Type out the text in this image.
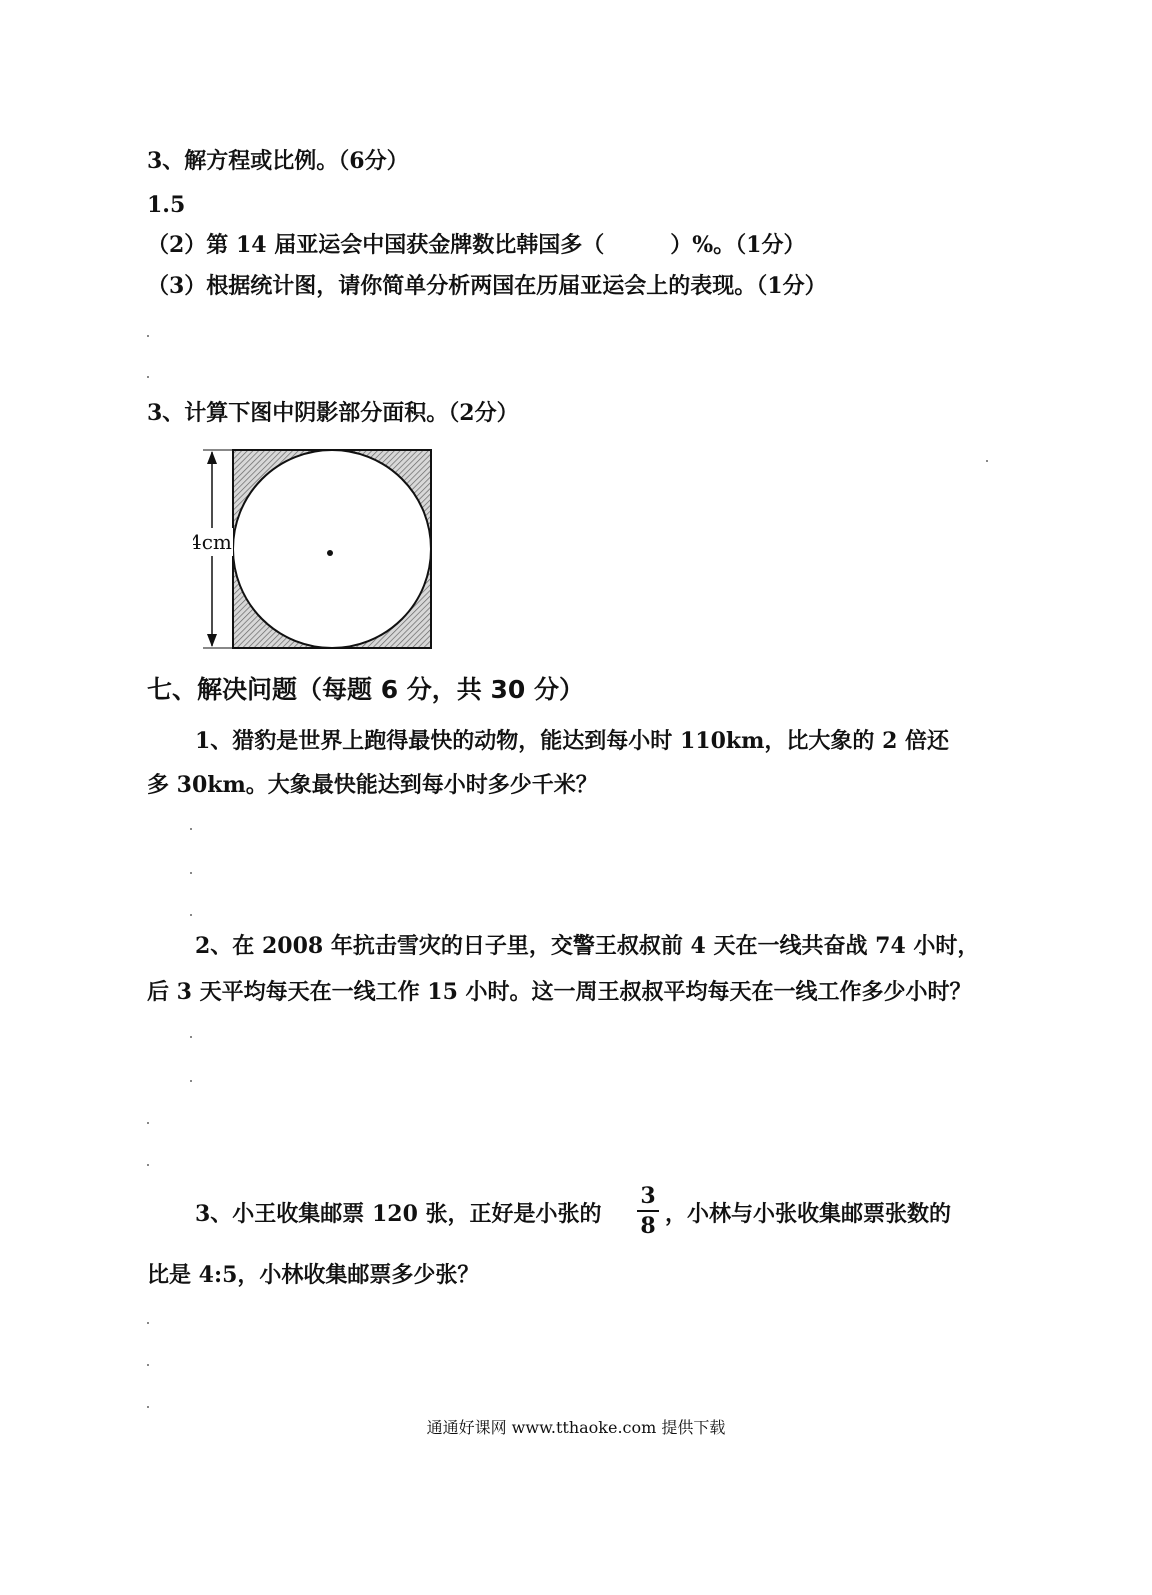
3、解方程或比例。（6分）
1.5
（2）第 14 届亚运会中国获金牌数比韩国多（　　　）%。（1分）
（3）根据统计图，请你简单分析两国在历届亚运会上的表现。（1分）
3、计算下图中阴影部分面积。（2分）
4cm
七、解决问题（每题 6 分，共 30 分）
1、猎豹是世界上跑得最快的动物，能达到每小时 110km，比大象的 2 倍还
多 30km。大象最快能达到每小时多少千米？
2、在 2008 年抗击雪灾的日子里，交警王叔叔前 4 天在一线共奋战 74 小时，
后 3 天平均每天在一线工作 15 小时。这一周王叔叔平均每天在一线工作多少小时？
3、小王收集邮票 120 张，正好是小张的
3
8 ，小林与小张收集邮票张数的
比是 4:5，小林收集邮票多少张？
通通好课网 www.tthaoke.com 提供下载
